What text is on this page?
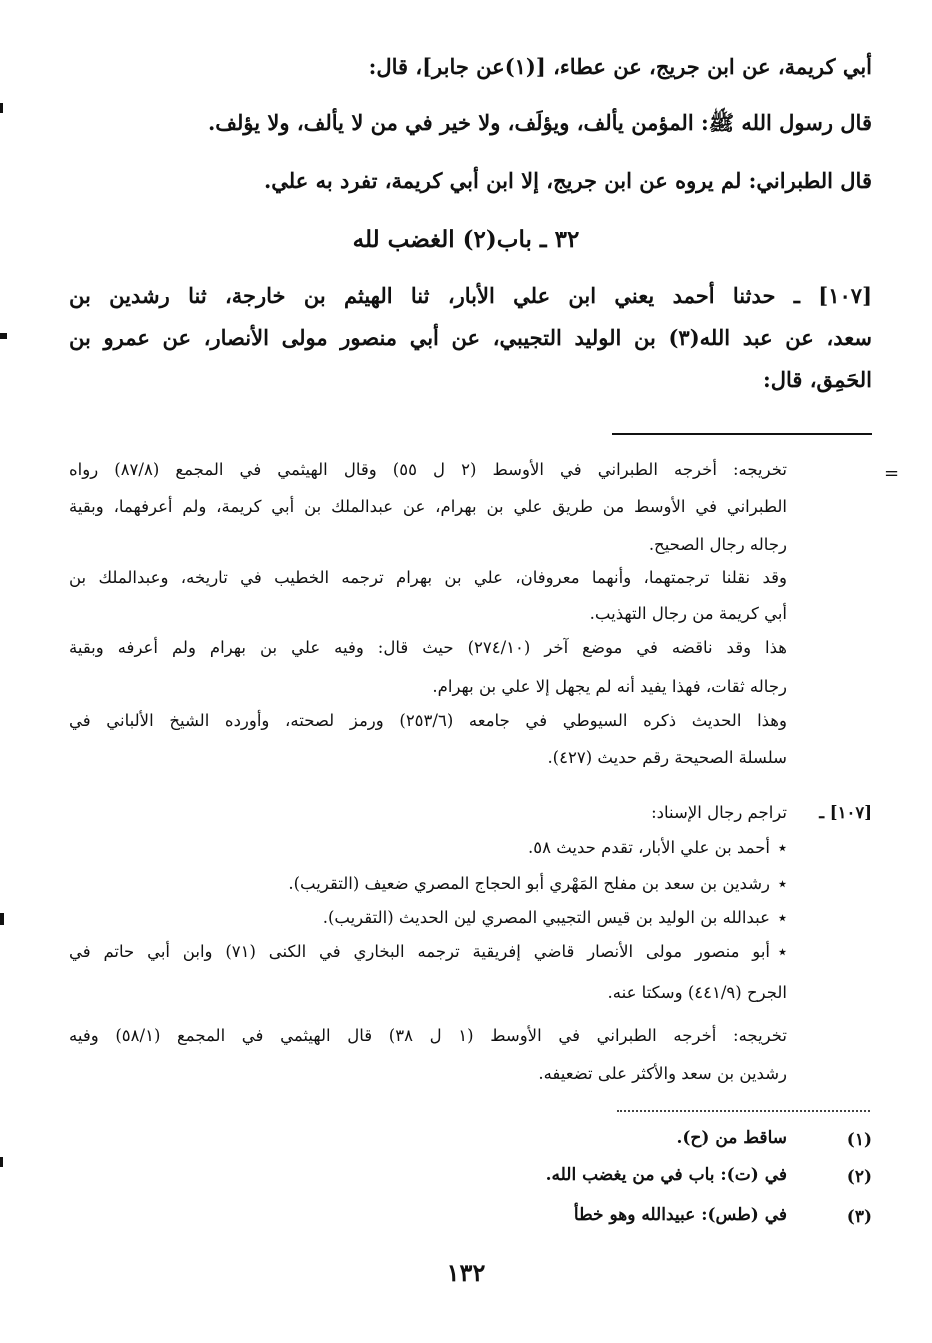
أبي كريمة، عن ابن جريج، عن عطاء، [(١)عن جابر]، قال:
قال رسول الله ﷺ: المؤمن يألف، ويؤلَف، ولا خير في من لا يألف، ولا يؤلف.
قال الطبراني: لم يروه عن ابن جريج، إلا ابن أبي كريمة، تفرد به علي.
٣٢ ـ باب(٢) الغضب لله
[١٠٧] ـ حدثنا أحمد يعني ابن علي الأبار، ثنا الهيثم بن خارجة، ثنا رشدين بن
سعد، عن عبد الله(٣) بن الوليد التجيبي، عن أبي منصور مولى الأنصار، عن عمرو بن
الحَمِق، قال:
=
تخريجه: أخرجه الطبراني في الأوسط (٢ ل ٥٥) وقال الهيثمي في المجمع (٨٧/٨) رواه
الطبراني في الأوسط من طريق علي بن بهرام، عن عبدالملك بن أبي كريمة، ولم أعرفهما، وبقية
رجاله رجال الصحيح.
وقد نقلنا ترجمتهما، وأنهما معروفان، علي بن بهرام ترجمه الخطيب في تاريخه، وعبدالملك بن
أبي كريمة من رجال التهذيب.
هذا وقد ناقضه في موضع آخر (٢٧٤/١٠) حيث قال: وفيه علي بن بهرام ولم أعرفه وبقية
رجاله ثقات، فهذا يفيد أنه لم يجهل إلا علي بن بهرام.
وهذا الحديث ذكره السيوطي في جامعه (٢٥٣/٦) ورمز لصحته، وأورده الشيخ الألباني في
سلسلة الصحيحة رقم حديث (٤٢٧).
[١٠٧] ـ
تراجم رجال الإسناد:
٭أحمد بن علي الأبار، تقدم حديث ٥٨.
٭رشدين بن سعد بن مفلح المَهْري أبو الحجاج المصري ضعيف (التقريب).
٭عبدالله بن الوليد بن قيس التجيبي المصري لين الحديث (التقريب).
٭أبو منصور مولى الأنصار قاضي إفريقية ترجمه البخاري في الكنى (٧١) وابن أبي حاتم في
الجرح (٤٤١/٩) وسكتا عنه.
تخريجه: أخرجه الطبراني في الأوسط (١ ل ٣٨) قال الهيثمي في المجمع (٥٨/١) وفيه
رشدين بن سعد والأكثر على تضعيفه.
(١)
ساقط من (ح).
(٢)
في (ت): باب في من يغضب الله.
(٣)
في (طس): عبيدالله وهو خطأ
١٣٢
